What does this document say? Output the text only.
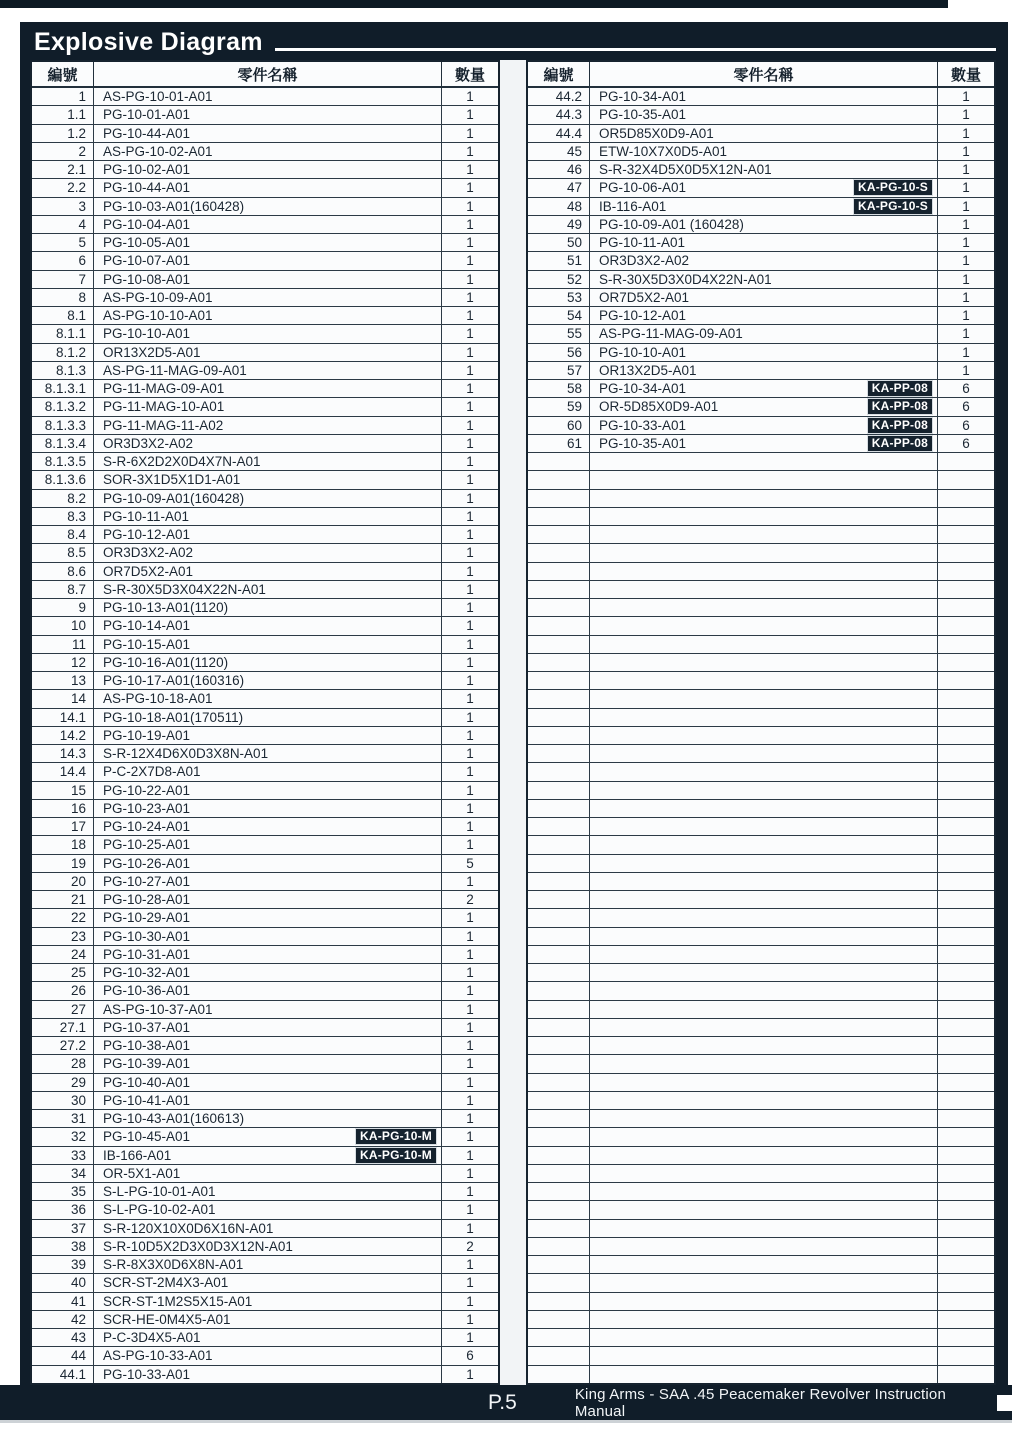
Explosive Diagram
編號	零件名稱	數量
1	AS-PG-10-01-A01	1
1.1	PG-10-01-A01	1
1.2	PG-10-44-A01	1
2	AS-PG-10-02-A01	1
2.1	PG-10-02-A01	1
2.2	PG-10-44-A01	1
3	PG-10-03-A01(160428)	1
4	PG-10-04-A01	1
5	PG-10-05-A01	1
6	PG-10-07-A01	1
7	PG-10-08-A01	1
8	AS-PG-10-09-A01	1
8.1	AS-PG-10-10-A01	1
8.1.1	PG-10-10-A01	1
8.1.2	OR13X2D5-A01	1
8.1.3	AS-PG-11-MAG-09-A01	1
8.1.3.1	PG-11-MAG-09-A01	1
8.1.3.2	PG-11-MAG-10-A01	1
8.1.3.3	PG-11-MAG-11-A02	1
8.1.3.4	OR3D3X2-A02	1
8.1.3.5	S-R-6X2D2X0D4X7N-A01	1
8.1.3.6	SOR-3X1D5X1D1-A01	1
8.2	PG-10-09-A01(160428)	1
8.3	PG-10-11-A01	1
8.4	PG-10-12-A01	1
8.5	OR3D3X2-A02	1
8.6	OR7D5X2-A01	1
8.7	S-R-30X5D3X04X22N-A01	1
9	PG-10-13-A01(1120)	1
10	PG-10-14-A01	1
11	PG-10-15-A01	1
12	PG-10-16-A01(1120)	1
13	PG-10-17-A01(160316)	1
14	AS-PG-10-18-A01	1
14.1	PG-10-18-A01(170511)	1
14.2	PG-10-19-A01	1
14.3	S-R-12X4D6X0D3X8N-A01	1
14.4	P-C-2X7D8-A01	1
15	PG-10-22-A01	1
16	PG-10-23-A01	1
17	PG-10-24-A01	1
18	PG-10-25-A01	1
19	PG-10-26-A01	5
20	PG-10-27-A01	1
21	PG-10-28-A01	2
22	PG-10-29-A01	1
23	PG-10-30-A01	1
24	PG-10-31-A01	1
25	PG-10-32-A01	1
26	PG-10-36-A01	1
27	AS-PG-10-37-A01	1
27.1	PG-10-37-A01	1
27.2	PG-10-38-A01	1
28	PG-10-39-A01	1
29	PG-10-40-A01	1
30	PG-10-41-A01	1
31	PG-10-43-A01(160613)	1
32	PG-10-45-A01	KA-PG-10-M	1
33	IB-166-A01	KA-PG-10-M	1
34	OR-5X1-A01	1
35	S-L-PG-10-01-A01	1
36	S-L-PG-10-02-A01	1
37	S-R-120X10X0D6X16N-A01	1
38	S-R-10D5X2D3X0D3X12N-A01	2
39	S-R-8X3X0D6X8N-A01	1
40	SCR-ST-2M4X3-A01	1
41	SCR-ST-1M2S5X15-A01	1
42	SCR-HE-0M4X5-A01	1
43	P-C-3D4X5-A01	1
44	AS-PG-10-33-A01	6
44.1	PG-10-33-A01	1
編號	零件名稱	數量
44.2	PG-10-34-A01	1
44.3	PG-10-35-A01	1
44.4	OR5D85X0D9-A01	1
45	ETW-10X7X0D5-A01	1
46	S-R-32X4D5X0D5X12N-A01	1
47	PG-10-06-A01	KA-PG-10-S	1
48	IB-116-A01	KA-PG-10-S	1
49	PG-10-09-A01 (160428)	1
50	PG-10-11-A01	1
51	OR3D3X2-A02	1
52	S-R-30X5D3X0D4X22N-A01	1
53	OR7D5X2-A01	1
54	PG-10-12-A01	1
55	AS-PG-11-MAG-09-A01	1
56	PG-10-10-A01	1
57	OR13X2D5-A01	1
58	PG-10-34-A01	KA-PP-08	6
59	OR-5D85X0D9-A01	KA-PP-08	6
60	PG-10-33-A01	KA-PP-08	6
61	PG-10-35-A01	KA-PP-08	6
P.5	King Arms - SAA .45 Peacemaker Revolver Instruction Manual
